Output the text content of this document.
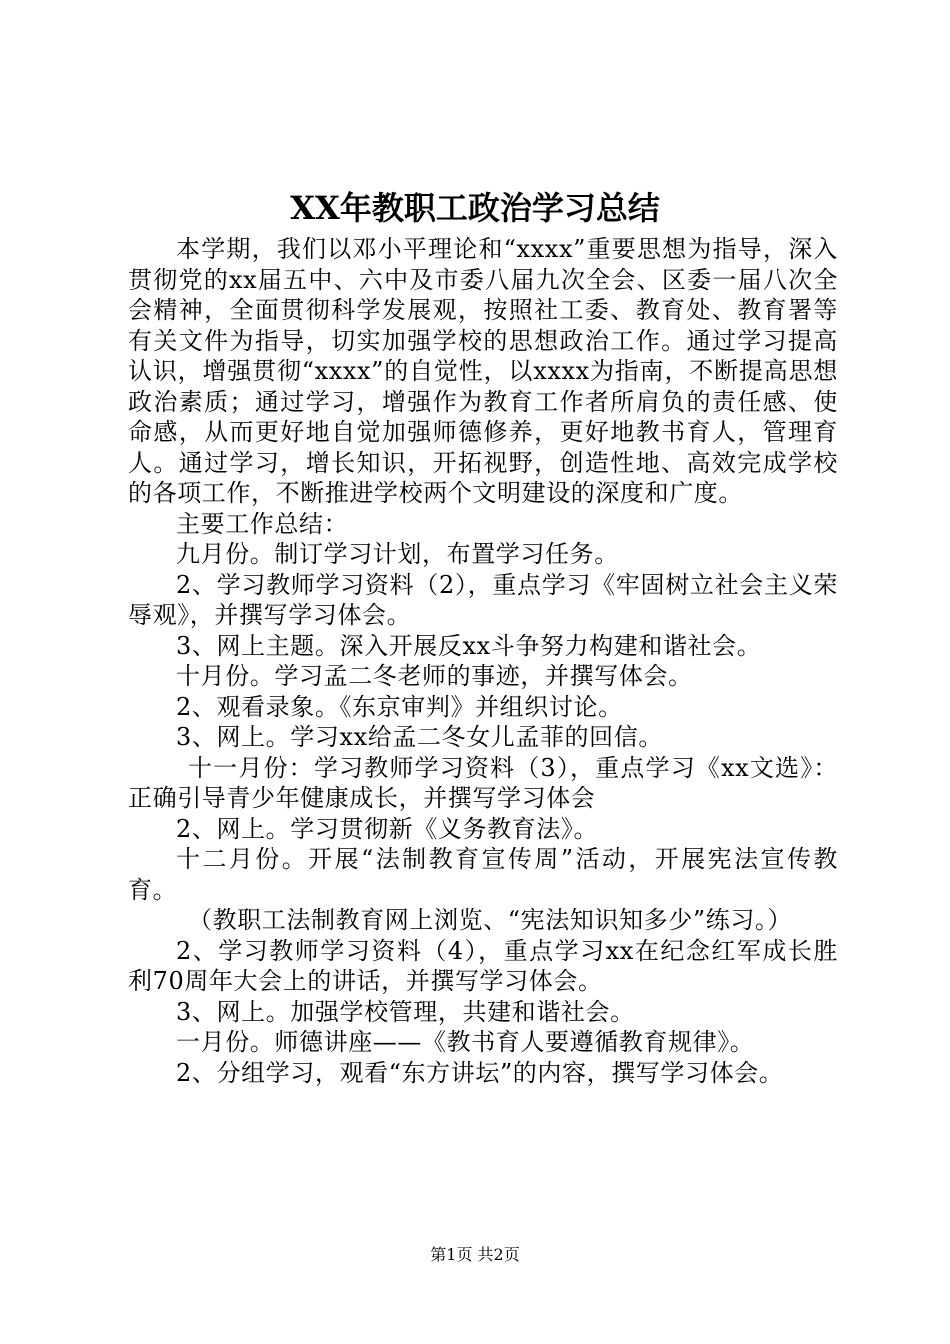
XX年教职工政治学习总结

本学期，我们以邓小平理论和“xxxx”重要思想为指导，深入贯彻党的xx届五中、六中及市委八届九次全会、区委一届八次全会精神，全面贯彻科学发展观，按照社工委、教育处、教育署等有关文件为指导，切实加强学校的思想政治工作。通过学习提高认识，增强贯彻“xxxx”的自觉性，以xxxx为指南，不断提高思想政治素质；通过学习，增强作为教育工作者所肩负的责任感、使命感，从而更好地自觉加强师德修养，更好地教书育人，管理育人。通过学习，增长知识，开拓视野，创造性地、高效完成学校的各项工作，不断推进学校两个文明建设的深度和广度。

主要工作总结：

九月份。制订学习计划，布置学习任务。

2、学习教师学习资料（2），重点学习《牢固树立社会主义荣辱观》，并撰写学习体会。

3、网上主题。深入开展反xx斗争努力构建和谐社会。

十月份。学习孟二冬老师的事迹，并撰写体会。

2、观看录象。《东京审判》并组织讨论。

3、网上。学习xx给孟二冬女儿孟菲的回信。

十一月份：学习教师学习资料（3），重点学习《xx文选》：正确引导青少年健康成长，并撰写学习体会

2、网上。学习贯彻新《义务教育法》。

十二月份。开展“法制教育宣传周”活动，开展宪法宣传教育。

（教职工法制教育网上浏览、“宪法知识知多少”练习。）

2、学习教师学习资料（4），重点学习xx在纪念红军成长胜利70周年大会上的讲话，并撰写学习体会。

3、网上。加强学校管理，共建和谐社会。

一月份。师德讲座——《教书育人要遵循教育规律》。

2、分组学习，观看“东方讲坛”的内容，撰写学习体会。

第1页 共2页
